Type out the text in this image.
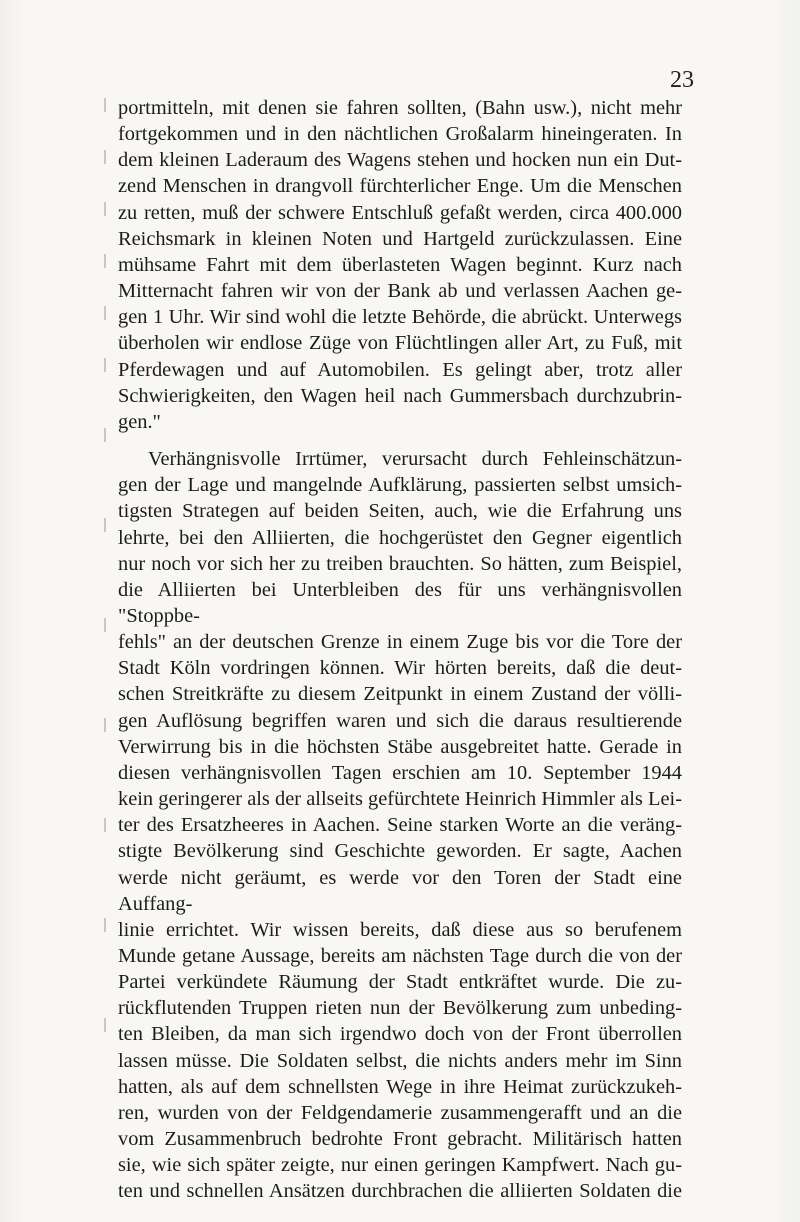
23

portmitteln, mit denen sie fahren sollten, (Bahn usw.), nicht mehr

fortgekommen und in den nächtlichen Großalarm hineingeraten. In

dem kleinen Laderaum des Wagens stehen und hocken nun ein Dut-

zend Menschen in drangvoll fürchterlicher Enge. Um die Menschen

zu retten, muß der schwere Entschluß gefaßt werden, circa 400.000

Reichsmark in kleinen Noten und Hartgeld zurückzulassen. Eine

mühsame Fahrt mit dem überlasteten Wagen beginnt. Kurz nach

Mitternacht fahren wir von der Bank ab und verlassen Aachen ge-

gen 1 Uhr. Wir sind wohl die letzte Behörde, die abrückt. Unterwegs

überholen wir endlose Züge von Flüchtlingen aller Art, zu Fuß, mit

Pferdewagen und auf Automobilen. Es gelingt aber, trotz aller

Schwierigkeiten, den Wagen heil nach Gummersbach durchzubrin-

gen."

Verhängnisvolle Irrtümer, verursacht durch Fehleinschätzun-

gen der Lage und mangelnde Aufklärung, passierten selbst umsich-

tigsten Strategen auf beiden Seiten, auch, wie die Erfahrung uns

lehrte, bei den Alliierten, die hochgerüstet den Gegner eigentlich

nur noch vor sich her zu treiben brauchten. So hätten, zum Beispiel,

die Alliierten bei Unterbleiben des für uns verhängnisvollen "Stoppbe-

fehls" an der deutschen Grenze in einem Zuge bis vor die Tore der

Stadt Köln vordringen können. Wir hörten bereits, daß die deut-

schen Streitkräfte zu diesem Zeitpunkt in einem Zustand der völli-

gen Auflösung begriffen waren und sich die daraus resultierende

Verwirrung bis in die höchsten Stäbe ausgebreitet hatte. Gerade in

diesen verhängnisvollen Tagen erschien am 10. September 1944

kein geringerer als der allseits gefürchtete Heinrich Himmler als Lei-

ter des Ersatzheeres in Aachen. Seine starken Worte an die veräng-

stigte Bevölkerung sind Geschichte geworden. Er sagte, Aachen

werde nicht geräumt, es werde vor den Toren der Stadt eine Auffang-

linie errichtet. Wir wissen bereits, daß diese aus so berufenem

Munde getane Aussage, bereits am nächsten Tage durch die von der

Partei verkündete Räumung der Stadt entkräftet wurde. Die zu-

rückflutenden Truppen rieten nun der Bevölkerung zum unbeding-

ten Bleiben, da man sich irgendwo doch von der Front überrollen

lassen müsse. Die Soldaten selbst, die nichts anders mehr im Sinn

hatten, als auf dem schnellsten Wege in ihre Heimat zurückzukeh-

ren, wurden von der Feldgendamerie zusammengerafft und an die

vom Zusammenbruch bedrohte Front gebracht. Militärisch hatten

sie, wie sich später zeigte, nur einen geringen Kampfwert. Nach gu-

ten und schnellen Ansätzen durchbrachen die alliierten Soldaten die
